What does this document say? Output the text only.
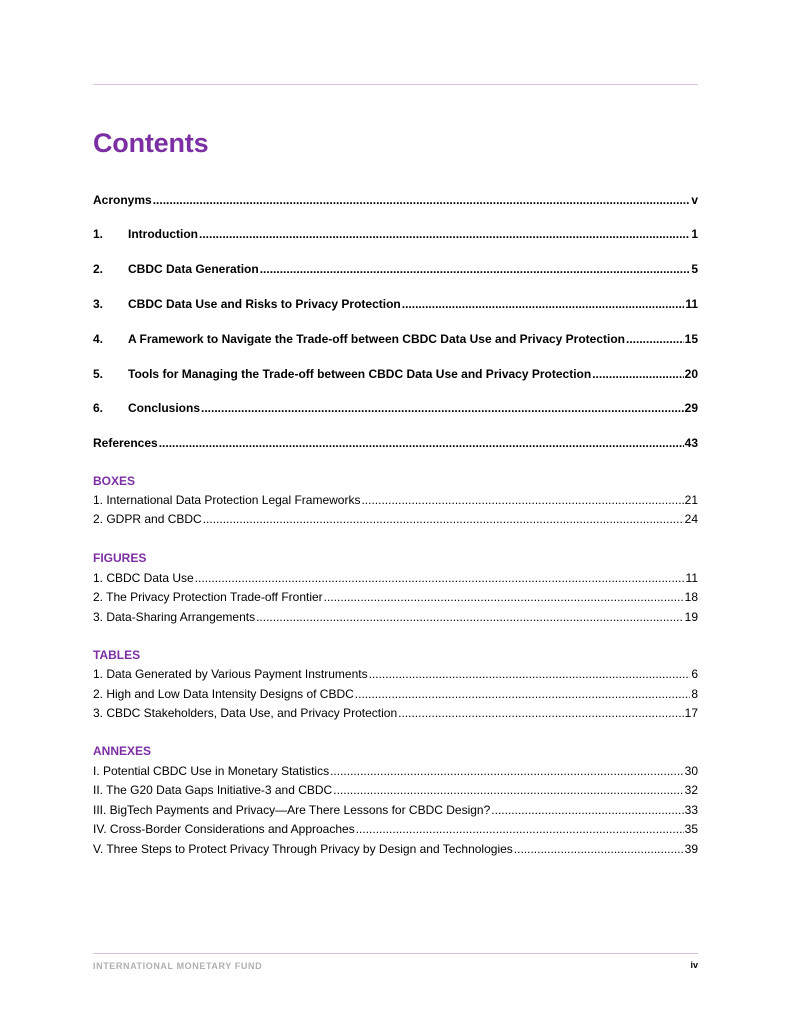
Contents
Acronyms .....	v
1.	Introduction .....	1
2.	CBDC Data Generation .....	5
3.	CBDC Data Use and Risks to Privacy Protection .....	11
4.	A Framework to Navigate the Trade-off between CBDC Data Use and Privacy Protection .....	15
5.	Tools for Managing the Trade-off between CBDC Data Use and Privacy Protection .....	20
6.	Conclusions .....	29
References .....	43
BOXES
1. International Data Protection Legal Frameworks .....	21
2. GDPR and CBDC .....	24
FIGURES
1. CBDC Data Use .....	11
2. The Privacy Protection Trade-off Frontier .....	18
3. Data-Sharing Arrangements .....	19
TABLES
1. Data Generated by Various Payment Instruments .....	6
2. High and Low Data Intensity Designs of CBDC .....	8
3. CBDC Stakeholders, Data Use, and Privacy Protection .....	17
ANNEXES
I. Potential CBDC Use in Monetary Statistics .....	30
II. The G20 Data Gaps Initiative-3 and CBDC .....	32
III. BigTech Payments and Privacy—Are There Lessons for CBDC Design? .....	33
IV. Cross-Border Considerations and Approaches .....	35
V. Three Steps to Protect Privacy Through Privacy by Design and Technologies .....	39
INTERNATIONAL MONETARY FUND	iv
